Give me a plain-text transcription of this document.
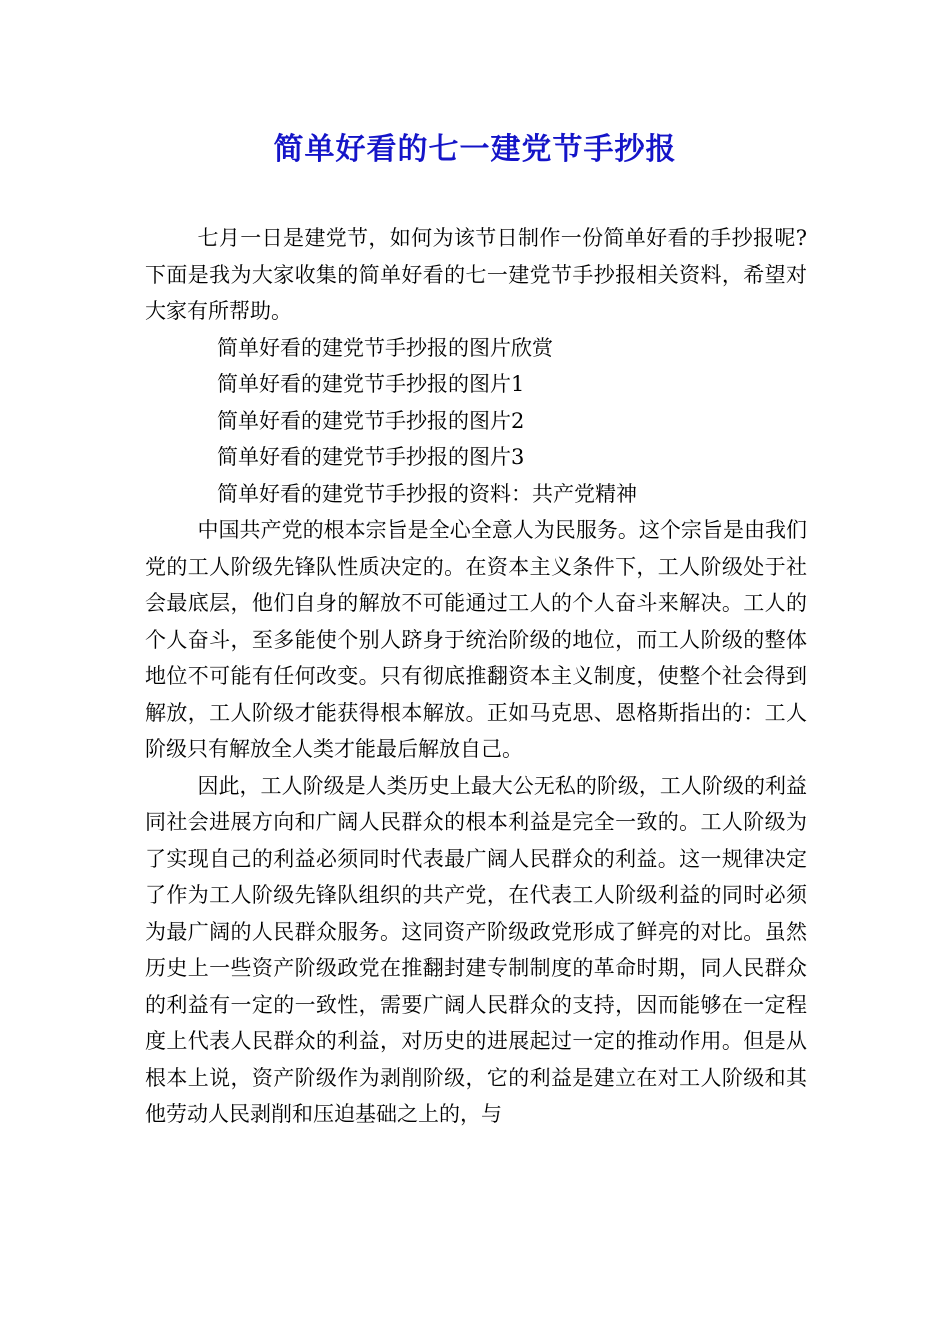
简单好看的七一建党节手抄报

七月一日是建党节，如何为该节日制作一份简单好看的手抄报呢?下面是我为大家收集的简单好看的七一建党节手抄报相关资料，希望对大家有所帮助。

简单好看的建党节手抄报的图片欣赏

简单好看的建党节手抄报的图片1

简单好看的建党节手抄报的图片2

简单好看的建党节手抄报的图片3

简单好看的建党节手抄报的资料：共产党精神

中国共产党的根本宗旨是全心全意人为民服务。这个宗旨是由我们党的工人阶级先锋队性质决定的。在资本主义条件下，工人阶级处于社会最底层，他们自身的解放不可能通过工人的个人奋斗来解决。工人的个人奋斗，至多能使个别人跻身于统治阶级的地位，而工人阶级的整体地位不可能有任何改变。只有彻底推翻资本主义制度，使整个社会得到解放，工人阶级才能获得根本解放。正如马克思、恩格斯指出的：工人阶级只有解放全人类才能最后解放自己。

因此，工人阶级是人类历史上最大公无私的阶级，工人阶级的利益同社会进展方向和广阔人民群众的根本利益是完全一致的。工人阶级为了实现自己的利益必须同时代表最广阔人民群众的利益。这一规律决定了作为工人阶级先锋队组织的共产党，在代表工人阶级利益的同时必须为最广阔的人民群众服务。这同资产阶级政党形成了鲜亮的对比。虽然历史上一些资产阶级政党在推翻封建专制制度的革命时期，同人民群众的利益有一定的一致性，需要广阔人民群众的支持，因而能够在一定程度上代表人民群众的利益，对历史的进展起过一定的推动作用。但是从根本上说，资产阶级作为剥削阶级，它的利益是建立在对工人阶级和其他劳动人民剥削和压迫基础之上的，与
